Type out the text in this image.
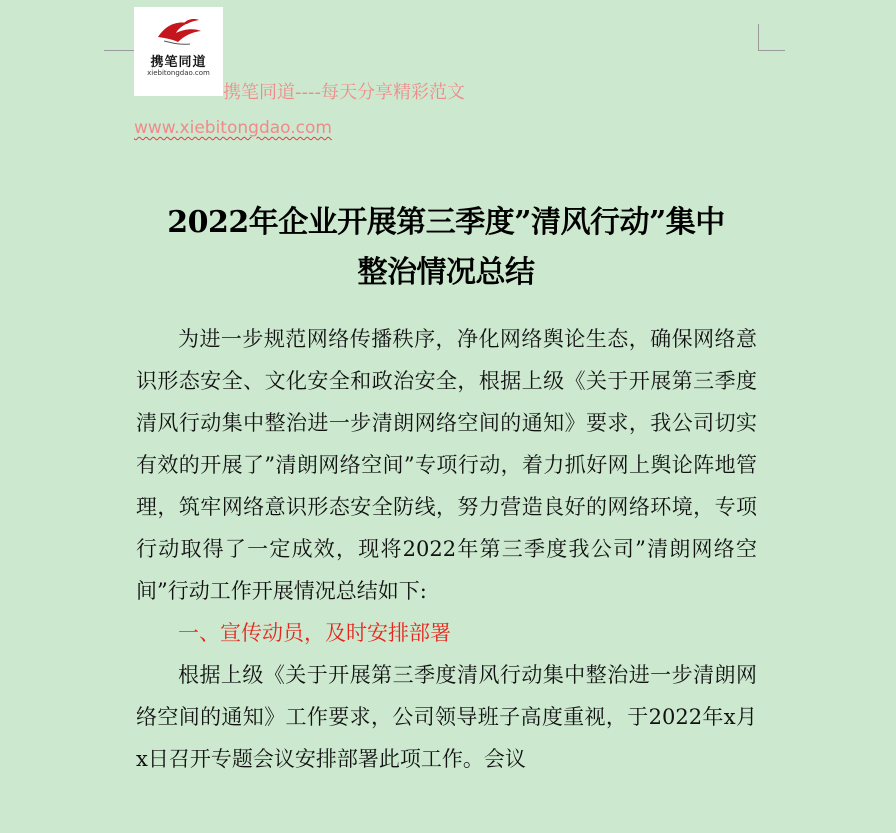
携笔同道
xiebitongdao.com
携笔同道----每天分享精彩范文
www.xiebitongdao.com
2022年企业开展第三季度”清风行动”集中
整治情况总结

为进一步规范网络传播秩序，净化网络舆论生态，确保网络意识形态安全、文化安全和政治安全，根据上级《关于开展第三季度清风行动集中整治进一步清朗网络空间的通知》要求，我公司切实有效的开展了”清朗网络空间”专项行动，着力抓好网上舆论阵地管理，筑牢网络意识形态安全防线，努力营造良好的网络环境，专项行动取得了一定成效，现将2022年第三季度我公司”清朗网络空间”行动工作开展情况总结如下:

一、宣传动员，及时安排部署

根据上级《关于开展第三季度清风行动集中整治进一步清朗网络空间的通知》工作要求，公司领导班子高度重视，于2022年x月x日召开专题会议安排部署此项工作。会议
